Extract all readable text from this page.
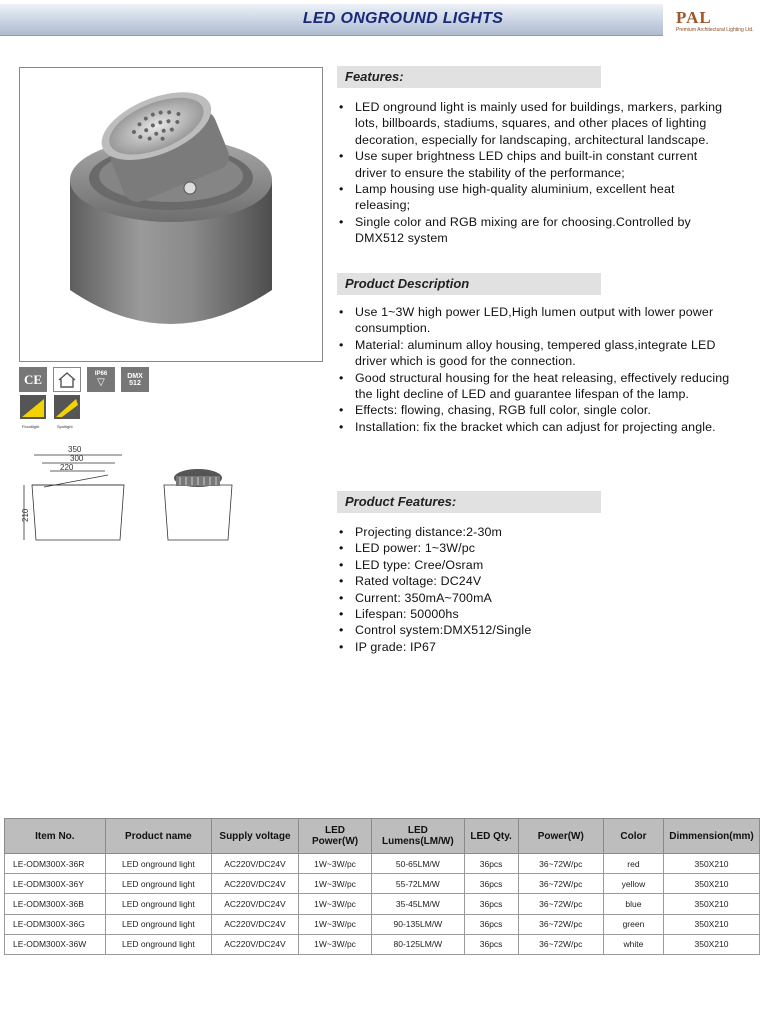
LED ONGROUND LIGHTS	PAL
Premium Architectural Lighting Ltd.
CE	IP66
▽
DMX
512
Floodlight	Spotlight
350
300
220
210
Features:
• LED onground light is mainly used for buildings, markers, parking lots, billboards, stadiums, squares, and other places of lighting decoration, especially for landscaping, architectural landscape.
• Use super brightness LED chips and built-in constant current driver to ensure the stability of the performance;
• Lamp housing use high-quality aluminium, excellent heat releasing;
• Single color and RGB mixing are for choosing.Controlled by DMX512 system
Product Description
• Use 1~3W high power LED,High lumen output with lower power consumption.
• Material: aluminum alloy housing, tempered glass,integrate LED driver which is good for the connection.
• Good structural housing for the heat releasing, effectively reducing the light decline of LED and guarantee lifespan of the lamp.
• Effects: flowing, chasing, RGB full color, single color.
• Installation: fix the bracket which can adjust for projecting angle.
Product Features:
• Projecting distance:2-30m
• LED power: 1~3W/pc
• LED type: Cree/Osram
• Rated voltage: DC24V
• Current: 350mA~700mA
• Lifespan: 50000hs
• Control system:DMX512/Single
• IP grade: IP67
Item No.	Product name	Supply voltage	LED Power(W)	LED Lumens(LM/W)	LED Qty.	Power(W)	Color	Dimmension(mm)
LE-ODM300X-36R	LED onground light	AC220V/DC24V	1W~3W/pc	50-65LM/W	36pcs	36~72W/pc	red	350X210
LE-ODM300X-36Y	LED onground light	AC220V/DC24V	1W~3W/pc	55-72LM/W	36pcs	36~72W/pc	yellow	350X210
LE-ODM300X-36B	LED onground light	AC220V/DC24V	1W~3W/pc	35-45LM/W	36pcs	36~72W/pc	blue	350X210
LE-ODM300X-36G	LED onground light	AC220V/DC24V	1W~3W/pc	90-135LM/W	36pcs	36~72W/pc	green	350X210
LE-ODM300X-36W	LED onground light	AC220V/DC24V	1W~3W/pc	80-125LM/W	36pcs	36~72W/pc	white	350X210
